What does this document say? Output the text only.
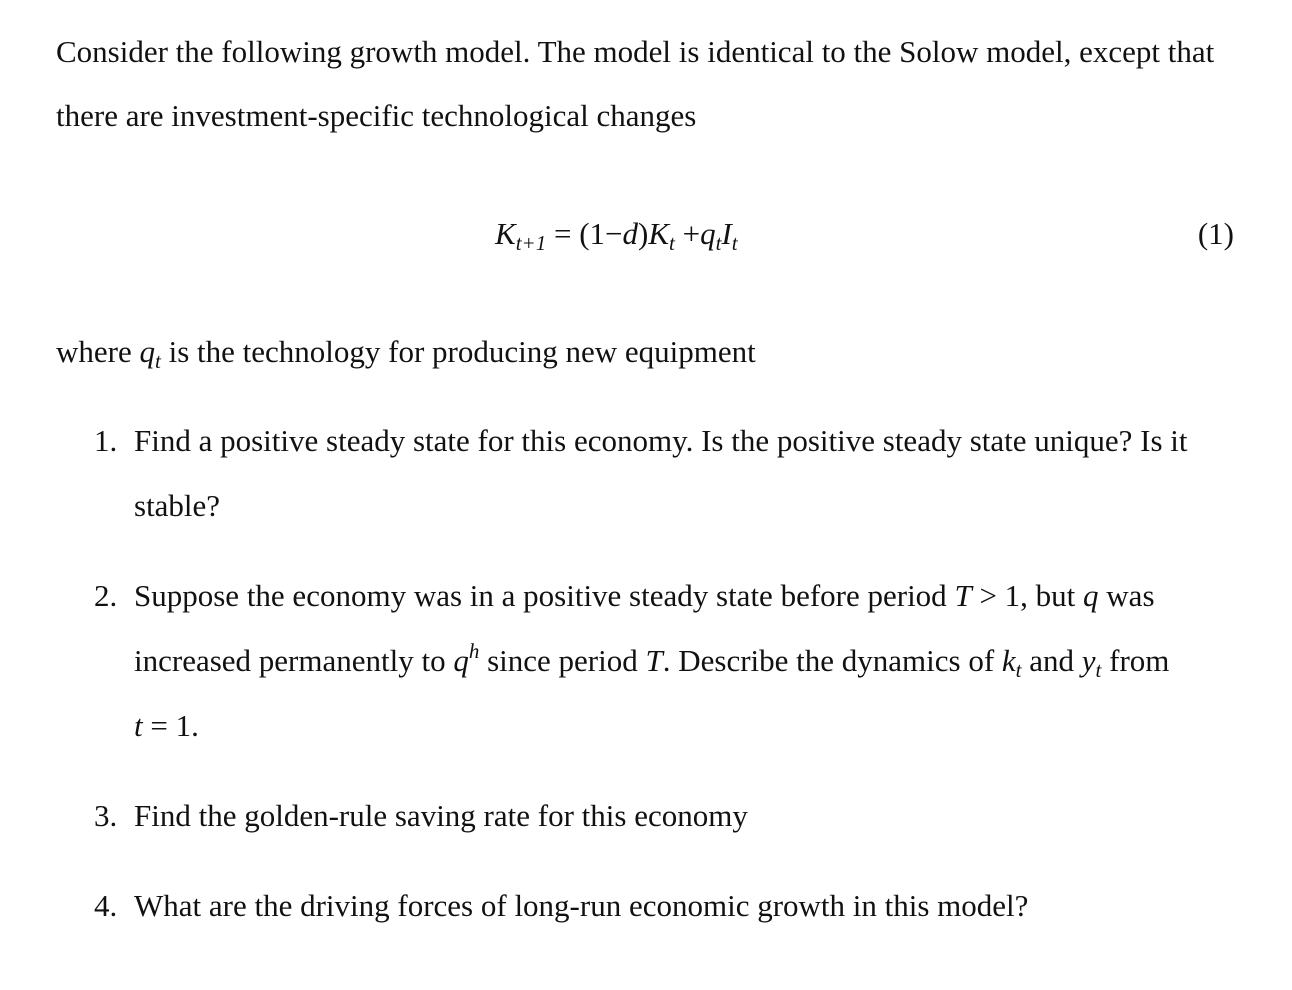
Consider the following growth model. The model is identical to the Solow model, except that
there are investment-specific technological changes
$K_{t+1} = (1-d)K_t +q_tI_t$	(1)
where $q_t$ is the technology for producing new equipment
1. Find a positive steady state for this economy. Is the positive steady state unique? Is it
stable?
2. Suppose the economy was in a positive steady state before period T > 1, but q was
increased permanently to $q^h$ since period T. Describe the dynamics of $k_t$ and $y_t$ from
t = 1.
3. Find the golden-rule saving rate for this economy
4. What are the driving forces of long-run economic growth in this model?
